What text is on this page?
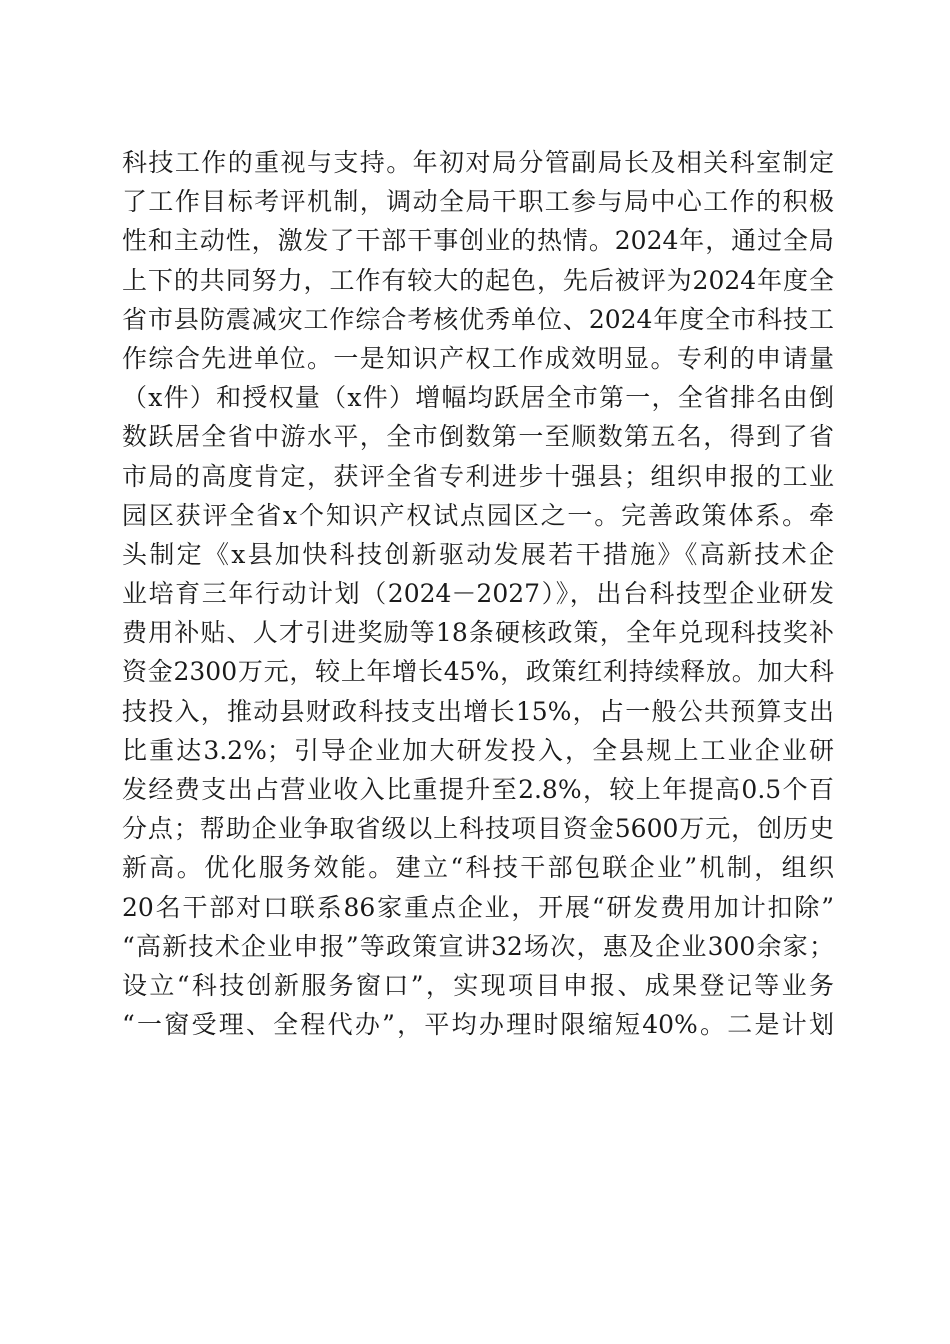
科技工作的重视与支持。年初对局分管副局长及相关科室制定
了工作目标考评机制，调动全局干职工参与局中心工作的积极
性和主动性，激发了干部干事创业的热情。2024年，通过全局
上下的共同努力，工作有较大的起色，先后被评为2024年度全
省市县防震减灾工作综合考核优秀单位、2024年度全市科技工
作综合先进单位。一是知识产权工作成效明显。专利的申请量
（x件）和授权量（x件）增幅均跃居全市第一，全省排名由倒
数跃居全省中游水平，全市倒数第一至顺数第五名，得到了省
市局的高度肯定，获评全省专利进步十强县；组织申报的工业
园区获评全省x个知识产权试点园区之一。完善政策体系。牵
头制定《x县加快科技创新驱动发展若干措施》《高新技术企
业培育三年行动计划（2024－2027）》，出台科技型企业研发
费用补贴、人才引进奖励等18条硬核政策，全年兑现科技奖补
资金2300万元，较上年增长45%，政策红利持续释放。加大科
技投入，推动县财政科技支出增长15%，占一般公共预算支出
比重达3.2%；引导企业加大研发投入，全县规上工业企业研
发经费支出占营业收入比重提升至2.8%，较上年提高0.5个百
分点；帮助企业争取省级以上科技项目资金5600万元，创历史
新高。优化服务效能。建立“科技干部包联企业”机制，组织
20名干部对口联系86家重点企业，开展“研发费用加计扣除”
“高新技术企业申报”等政策宣讲32场次，惠及企业300余家；
设立“科技创新服务窗口”，实现项目申报、成果登记等业务
“一窗受理、全程代办”，平均办理时限缩短40%。二是计划
